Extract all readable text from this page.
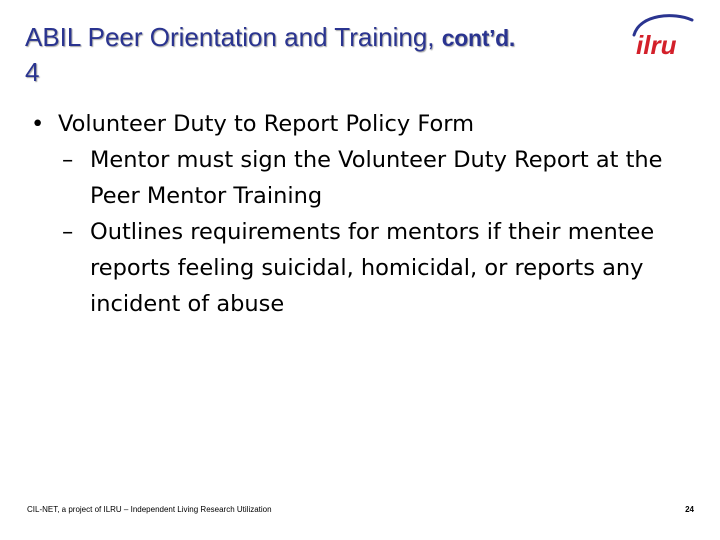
ABIL Peer Orientation and Training, cont’d.
4
ilru
• Volunteer Duty to Report Policy Form
– Mentor must sign the Volunteer Duty Report at the Peer Mentor Training
– Outlines requirements for mentors if their mentee reports feeling suicidal, homicidal, or reports any incident of abuse
CIL-NET, a project of ILRU – Independent Living Research Utilization	24
